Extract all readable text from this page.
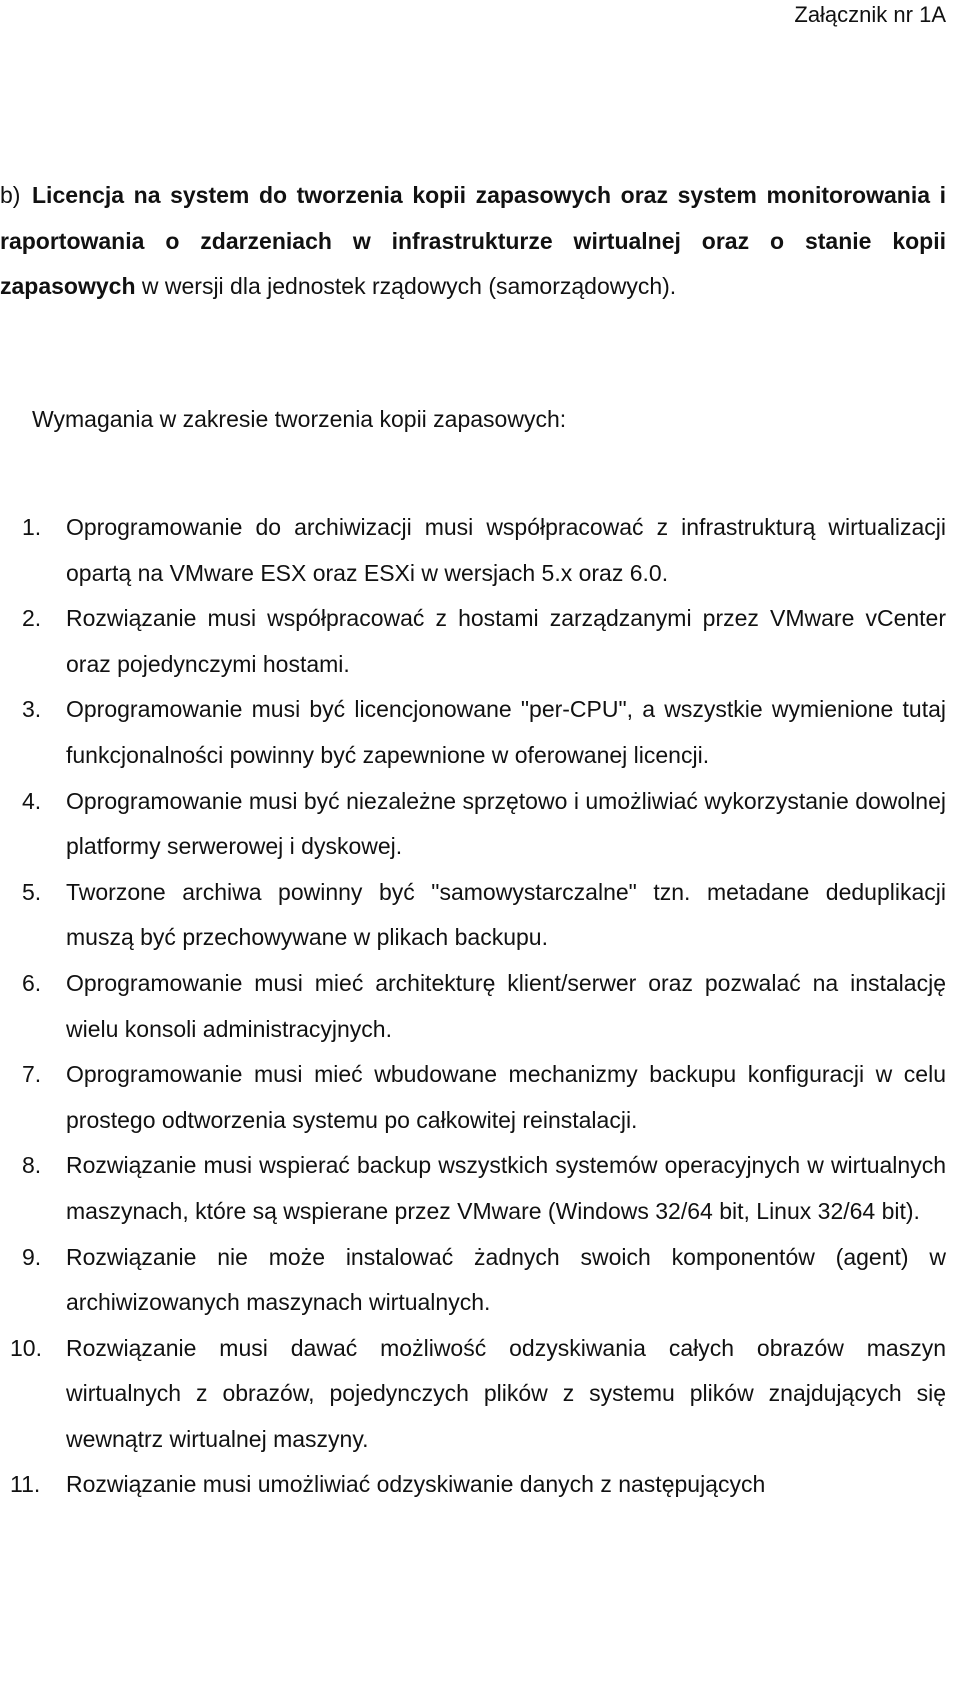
Załącznik nr 1A
b) Licencja na system do tworzenia kopii zapasowych oraz system monitorowania i raportowania o zdarzeniach w infrastrukturze wirtualnej oraz o stanie kopii zapasowych w wersji dla jednostek rządowych (samorządowych).
Wymagania w zakresie tworzenia kopii zapasowych:
1. Oprogramowanie do archiwizacji musi współpracować z infrastrukturą wirtualizacji opartą na VMware ESX oraz ESXi w wersjach 5.x oraz 6.0.
2. Rozwiązanie musi współpracować z hostami zarządzanymi przez VMware vCenter oraz pojedynczymi hostami.
3. Oprogramowanie musi być licencjonowane "per-CPU", a wszystkie wymienione tutaj funkcjonalności powinny być zapewnione w oferowanej licencji.
4. Oprogramowanie musi być niezależne sprzętowo i umożliwiać wykorzystanie dowolnej platformy serwerowej i dyskowej.
5. Tworzone archiwa powinny być "samowystarczalne" tzn. metadane deduplikacji muszą być przechowywane w plikach backupu.
6. Oprogramowanie musi mieć architekturę klient/serwer oraz pozwalać na instalację wielu konsoli administracyjnych.
7. Oprogramowanie musi mieć wbudowane mechanizmy backupu konfiguracji w celu prostego odtworzenia systemu po całkowitej reinstalacji.
8. Rozwiązanie musi wspierać backup wszystkich systemów operacyjnych w wirtualnych maszynach, które są wspierane przez VMware (Windows 32/64 bit, Linux 32/64 bit).
9. Rozwiązanie nie może instalować żadnych swoich komponentów (agent) w archiwizowanych maszynach wirtualnych.
10. Rozwiązanie musi dawać możliwość odzyskiwania całych obrazów maszyn wirtualnych z obrazów, pojedynczych plików z systemu plików znajdujących się wewnątrz wirtualnej maszyny.
11. Rozwiązanie musi umożliwiać odzyskiwanie danych z następujących
